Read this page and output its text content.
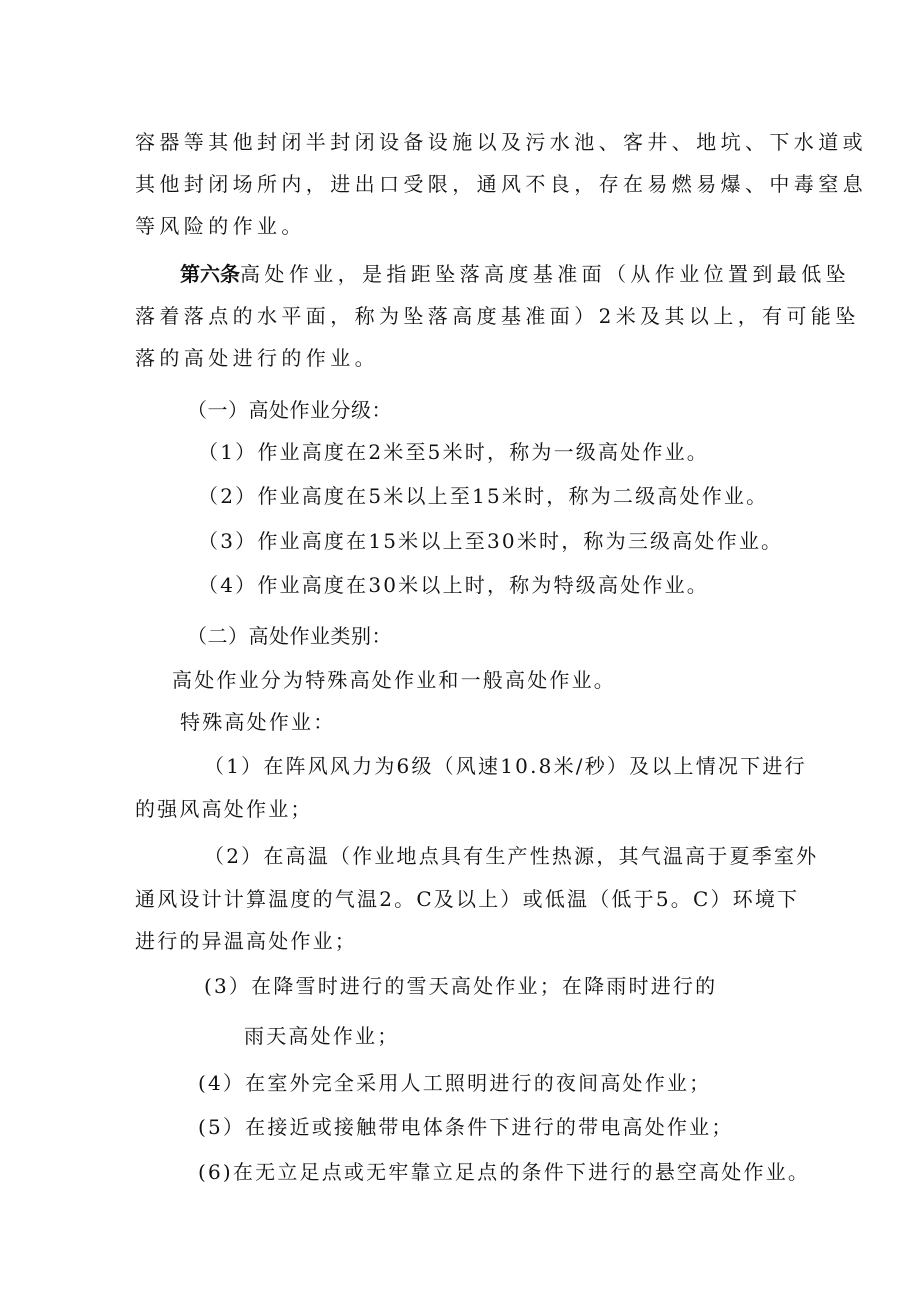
容器等其他封闭半封闭设备设施以及污水池、客井、地坑、下水道或
其他封闭场所内，进出口受限，通风不良，存在易燃易爆、中毒窒息
等风险的作业。
第六条高处作业，是指距坠落高度基准面（从作业位置到最低坠
落着落点的水平面，称为坠落高度基准面）2米及其以上，有可能坠
落的高处进行的作业。
（一）高处作业分级：
（1）作业高度在2米至5米时，称为一级高处作业。
（2）作业高度在5米以上至15米时，称为二级高处作业。
（3）作业高度在15米以上至30米时，称为三级高处作业。
（4）作业高度在30米以上时，称为特级高处作业。
（二）高处作业类别：
高处作业分为特殊高处作业和一般高处作业。
特殊高处作业：
（1）在阵风风力为6级（风速10.8米/秒）及以上情况下进行
的强风高处作业；
（2）在高温（作业地点具有生产性热源，其气温高于夏季室外
通风设计计算温度的气温2。C及以上）或低温（低于5。C）环境下
进行的异温高处作业；
(3）在降雪时进行的雪天高处作业；在降雨时进行的
雨天高处作业；
(4）在室外完全采用人工照明进行的夜间高处作业；
(5）在接近或接触带电体条件下进行的带电高处作业；
(6)在无立足点或无牢靠立足点的条件下进行的悬空高处作业。
